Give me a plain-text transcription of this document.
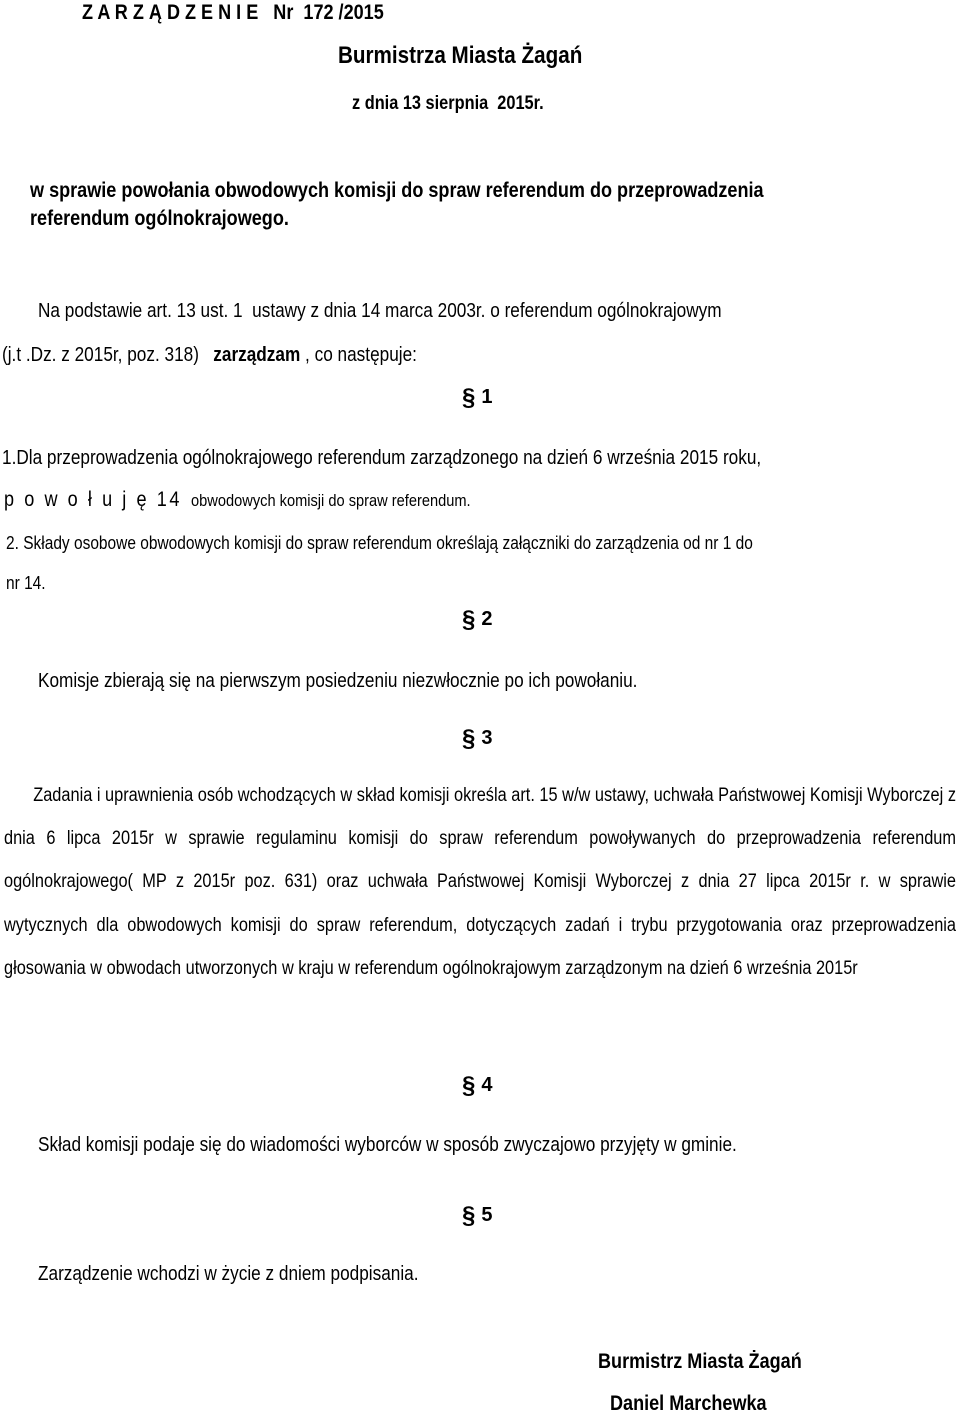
Z A R Z Ą D Z E N I E   Nr  172 /2015
Burmistrza Miasta Żagań
z dnia 13 sierpnia  2015r.
w sprawie powołania obwodowych komisji do spraw referendum do przeprowadzenia
referendum ogólnokrajowego.
Na podstawie art. 13 ust. 1  ustawy z dnia 14 marca 2003r. o referendum ogólnokrajowym
(j.t .Dz. z 2015r, poz. 318)   zarządzam , co następuje:
§ 1
1.Dla przeprowadzenia ogólnokrajowego referendum zarządzonego na dzień 6 września 2015 roku,
p o w o ł u j ę 14 obwodowych komisji do spraw referendum.
2. Składy osobowe obwodowych komisji do spraw referendum określają załączniki do zarządzenia od nr 1 do
nr 14.
§ 2
Komisje zbierają się na pierwszym posiedzeniu niezwłocznie po ich powołaniu.
§ 3
Zadania i uprawnienia osób wchodzących w skład komisji określa art. 15 w/w ustawy, uchwała Państwowej Komisji Wyborczej z dnia 6 lipca 2015r w sprawie regulaminu komisji do spraw referendum powoływanych do przeprowadzenia referendum ogólnokrajowego( MP z 2015r poz. 631) oraz uchwała Państwowej Komisji Wyborczej z dnia 27 lipca 2015r r. w sprawie wytycznych dla obwodowych komisji do spraw referendum, dotyczących zadań i trybu przygotowania oraz przeprowadzenia głosowania w obwodach utworzonych w kraju w referendum ogólnokrajowym zarządzonym na dzień 6 września 2015r
§ 4
Skład komisji podaje się do wiadomości wyborców w sposób zwyczajowo przyjęty w gminie.
§ 5
Zarządzenie wchodzi w życie z dniem podpisania.
Burmistrz Miasta Żagań
Daniel Marchewka
